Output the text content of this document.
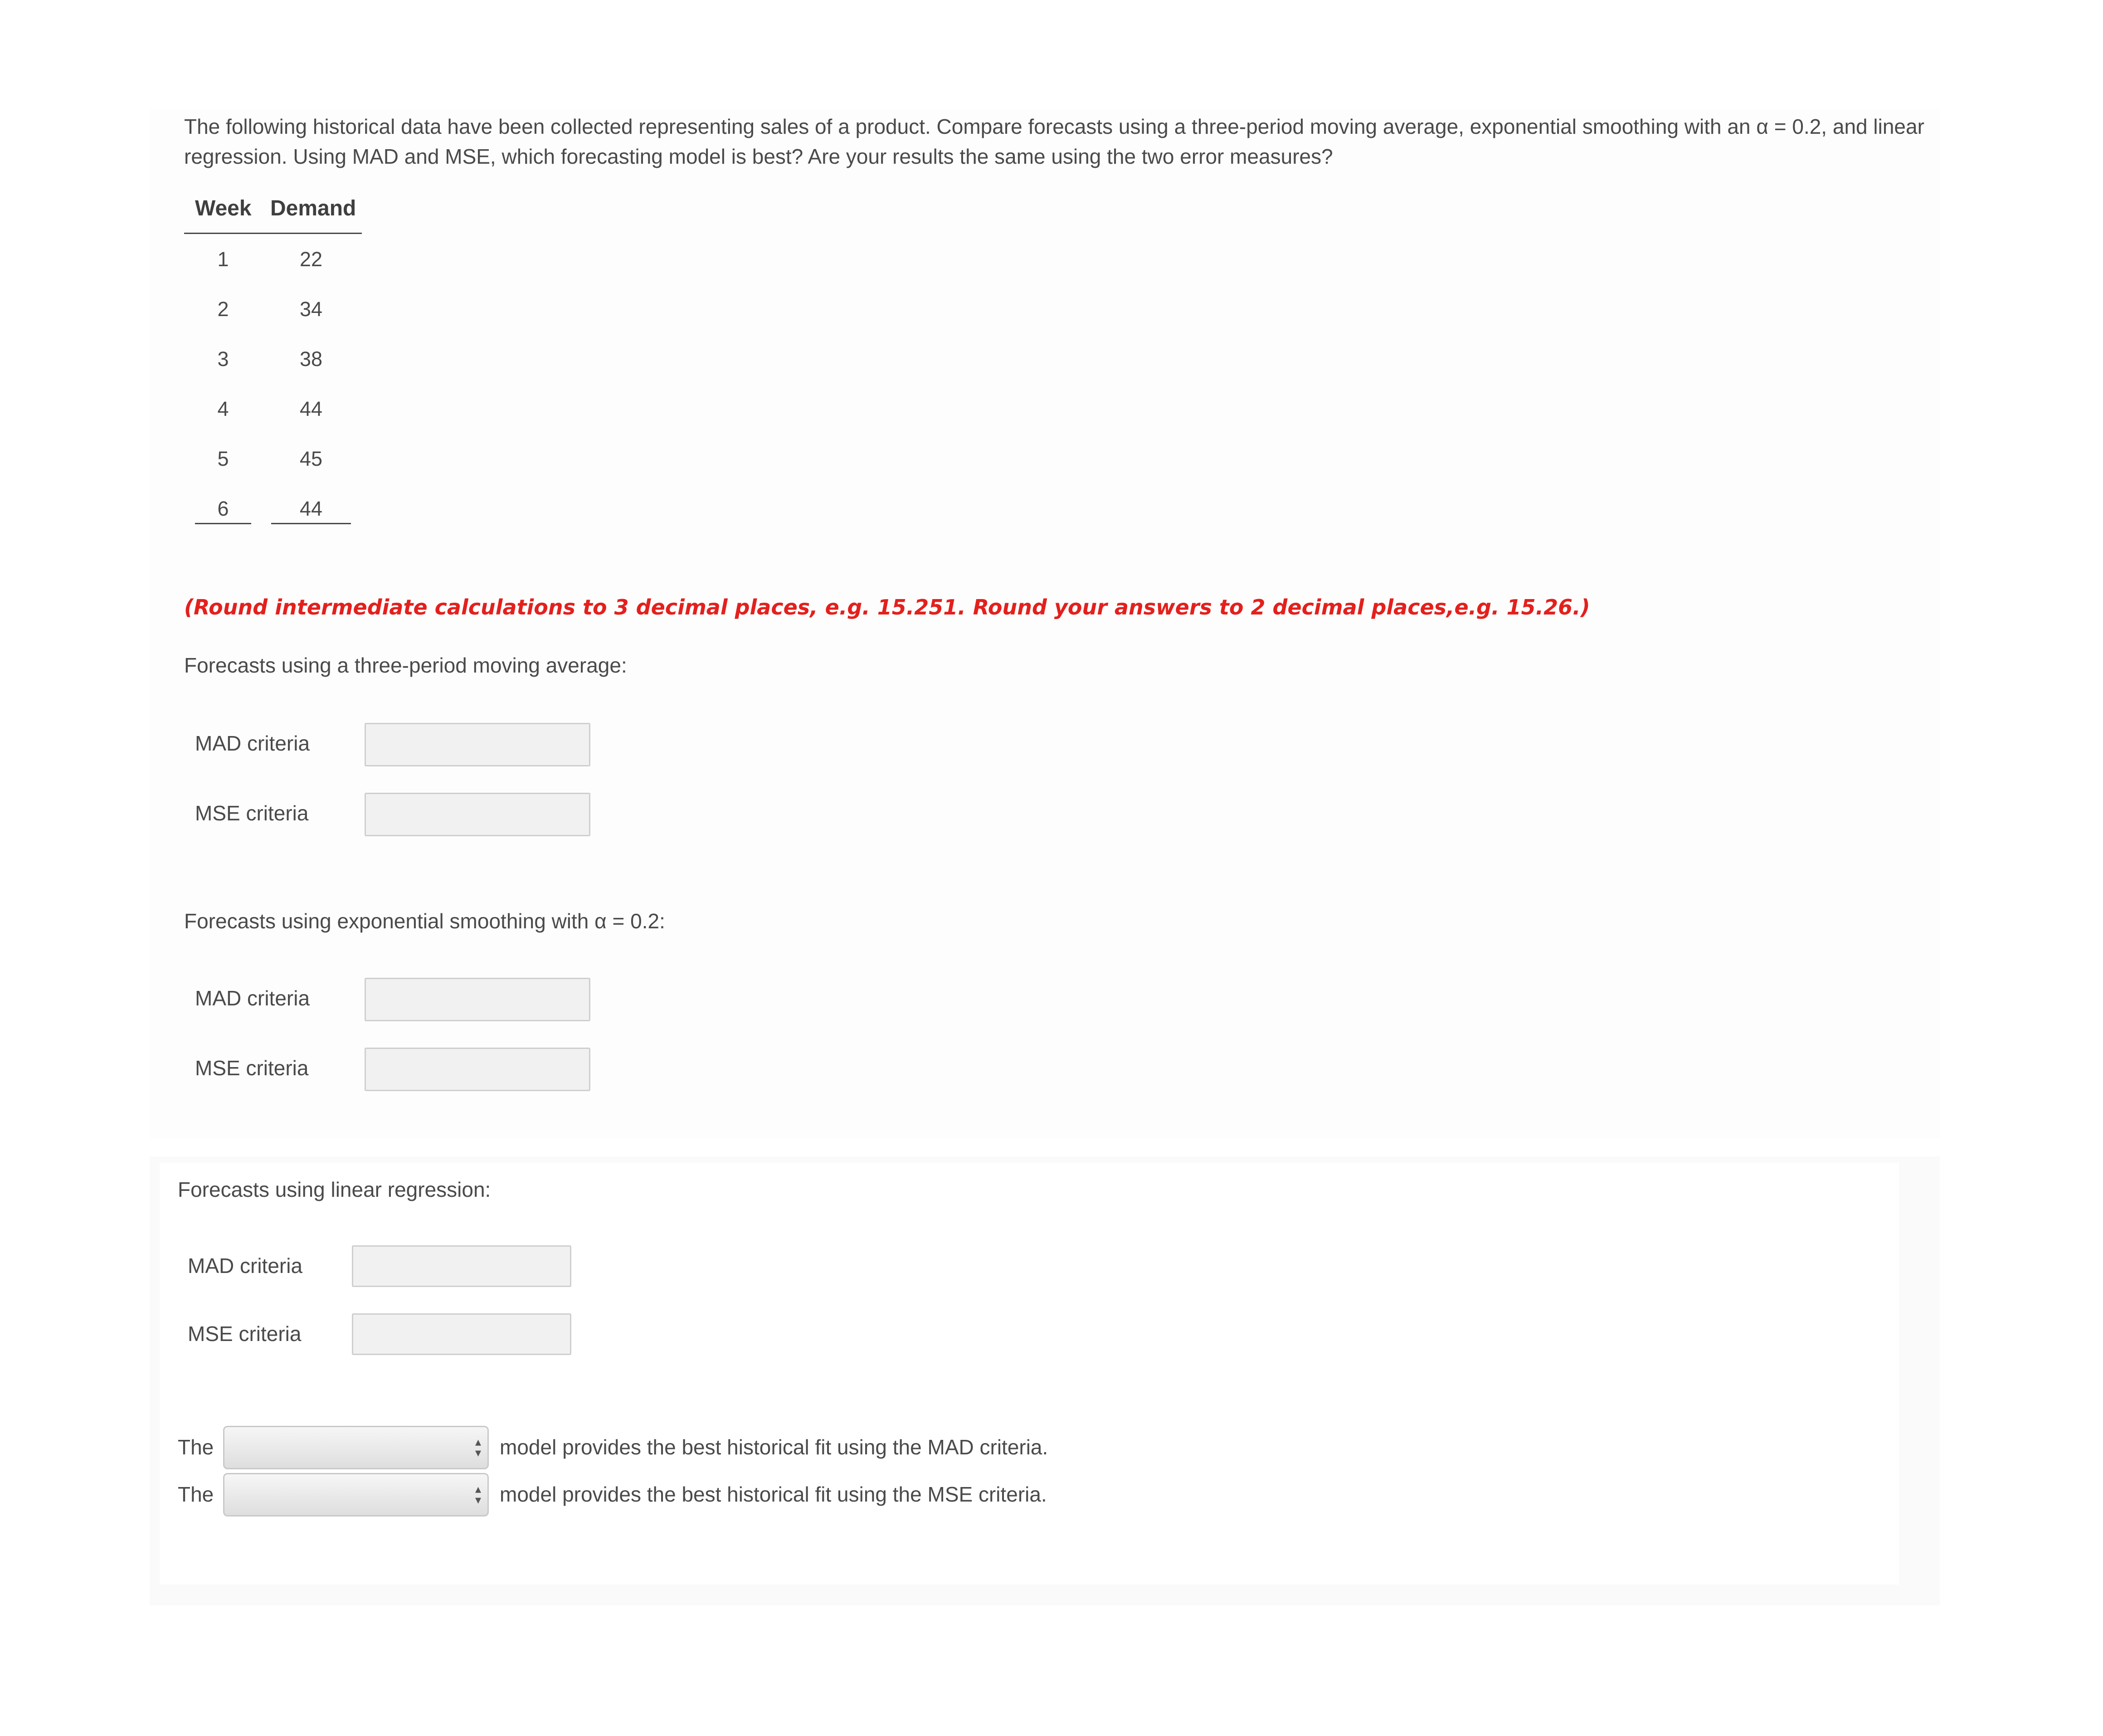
The following historical data have been collected representing sales of a product. Compare forecasts using a three-period moving average, exponential smoothing with an α = 0.2, and linear
regression. Using MAD and MSE, which forecasting model is best? Are your results the same using the two error measures?
Week Demand
1	22
2	34
3	38
4	44
5	45
6	44
(Round intermediate calculations to 3 decimal places, e.g. 15.251. Round your answers to 2 decimal places,e.g. 15.26.)
Forecasts using a three-period moving average:
MAD criteria
MSE criteria
Forecasts using exponential smoothing with α = 0.2:
MAD criteria
MSE criteria
Forecasts using linear regression:
MAD criteria
MSE criteria
The	▴
▾ model provides the best historical fit using the MAD criteria.
The	▴
▾ model provides the best historical fit using the MSE criteria.
